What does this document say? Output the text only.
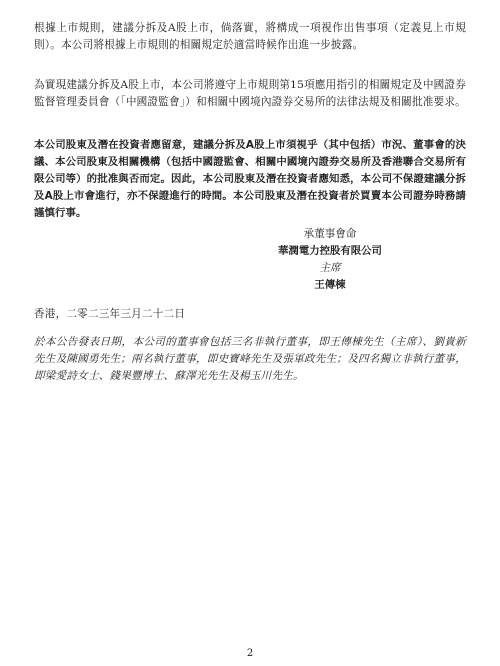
根據上市規則，建議分拆及A股上市，倘落實，將構成一項視作出售事項（定義見上市規則）。本公司將根據上市規則的相關規定於適當時候作出進一步披露。
為實現建議分拆及A股上市，本公司將遵守上市規則第15項應用指引的相關規定及中國證券監督管理委員會（「中國證監會」）和相關中國境內證券交易所的法律法規及相關批准要求。
本公司股東及潛在投資者應留意，建議分拆及A股上市須視乎（其中包括）市況、董事會的決議、本公司股東及相關機構（包括中國證監會、相關中國境內證券交易所及香港聯合交易所有限公司等）的批准與否而定。因此，本公司股東及潛在投資者應知悉，本公司不保證建議分拆及A股上市會進行，亦不保證進行的時間。本公司股東及潛在投資者於買賣本公司證券時務請謹慎行事。
承董事會命
華潤電力控股有限公司
主席
王傳棟
香港，二零二三年三月二十二日
於本公告發表日期，本公司的董事會包括三名非執行董事，即王傳棟先生（主席）、劉貴新先生及陳國勇先生；兩名執行董事，即史寶峰先生及張軍政先生；及四名獨立非執行董事，即梁愛詩女士、錢果豐博士、蘇澤光先生及楊玉川先生。
2
